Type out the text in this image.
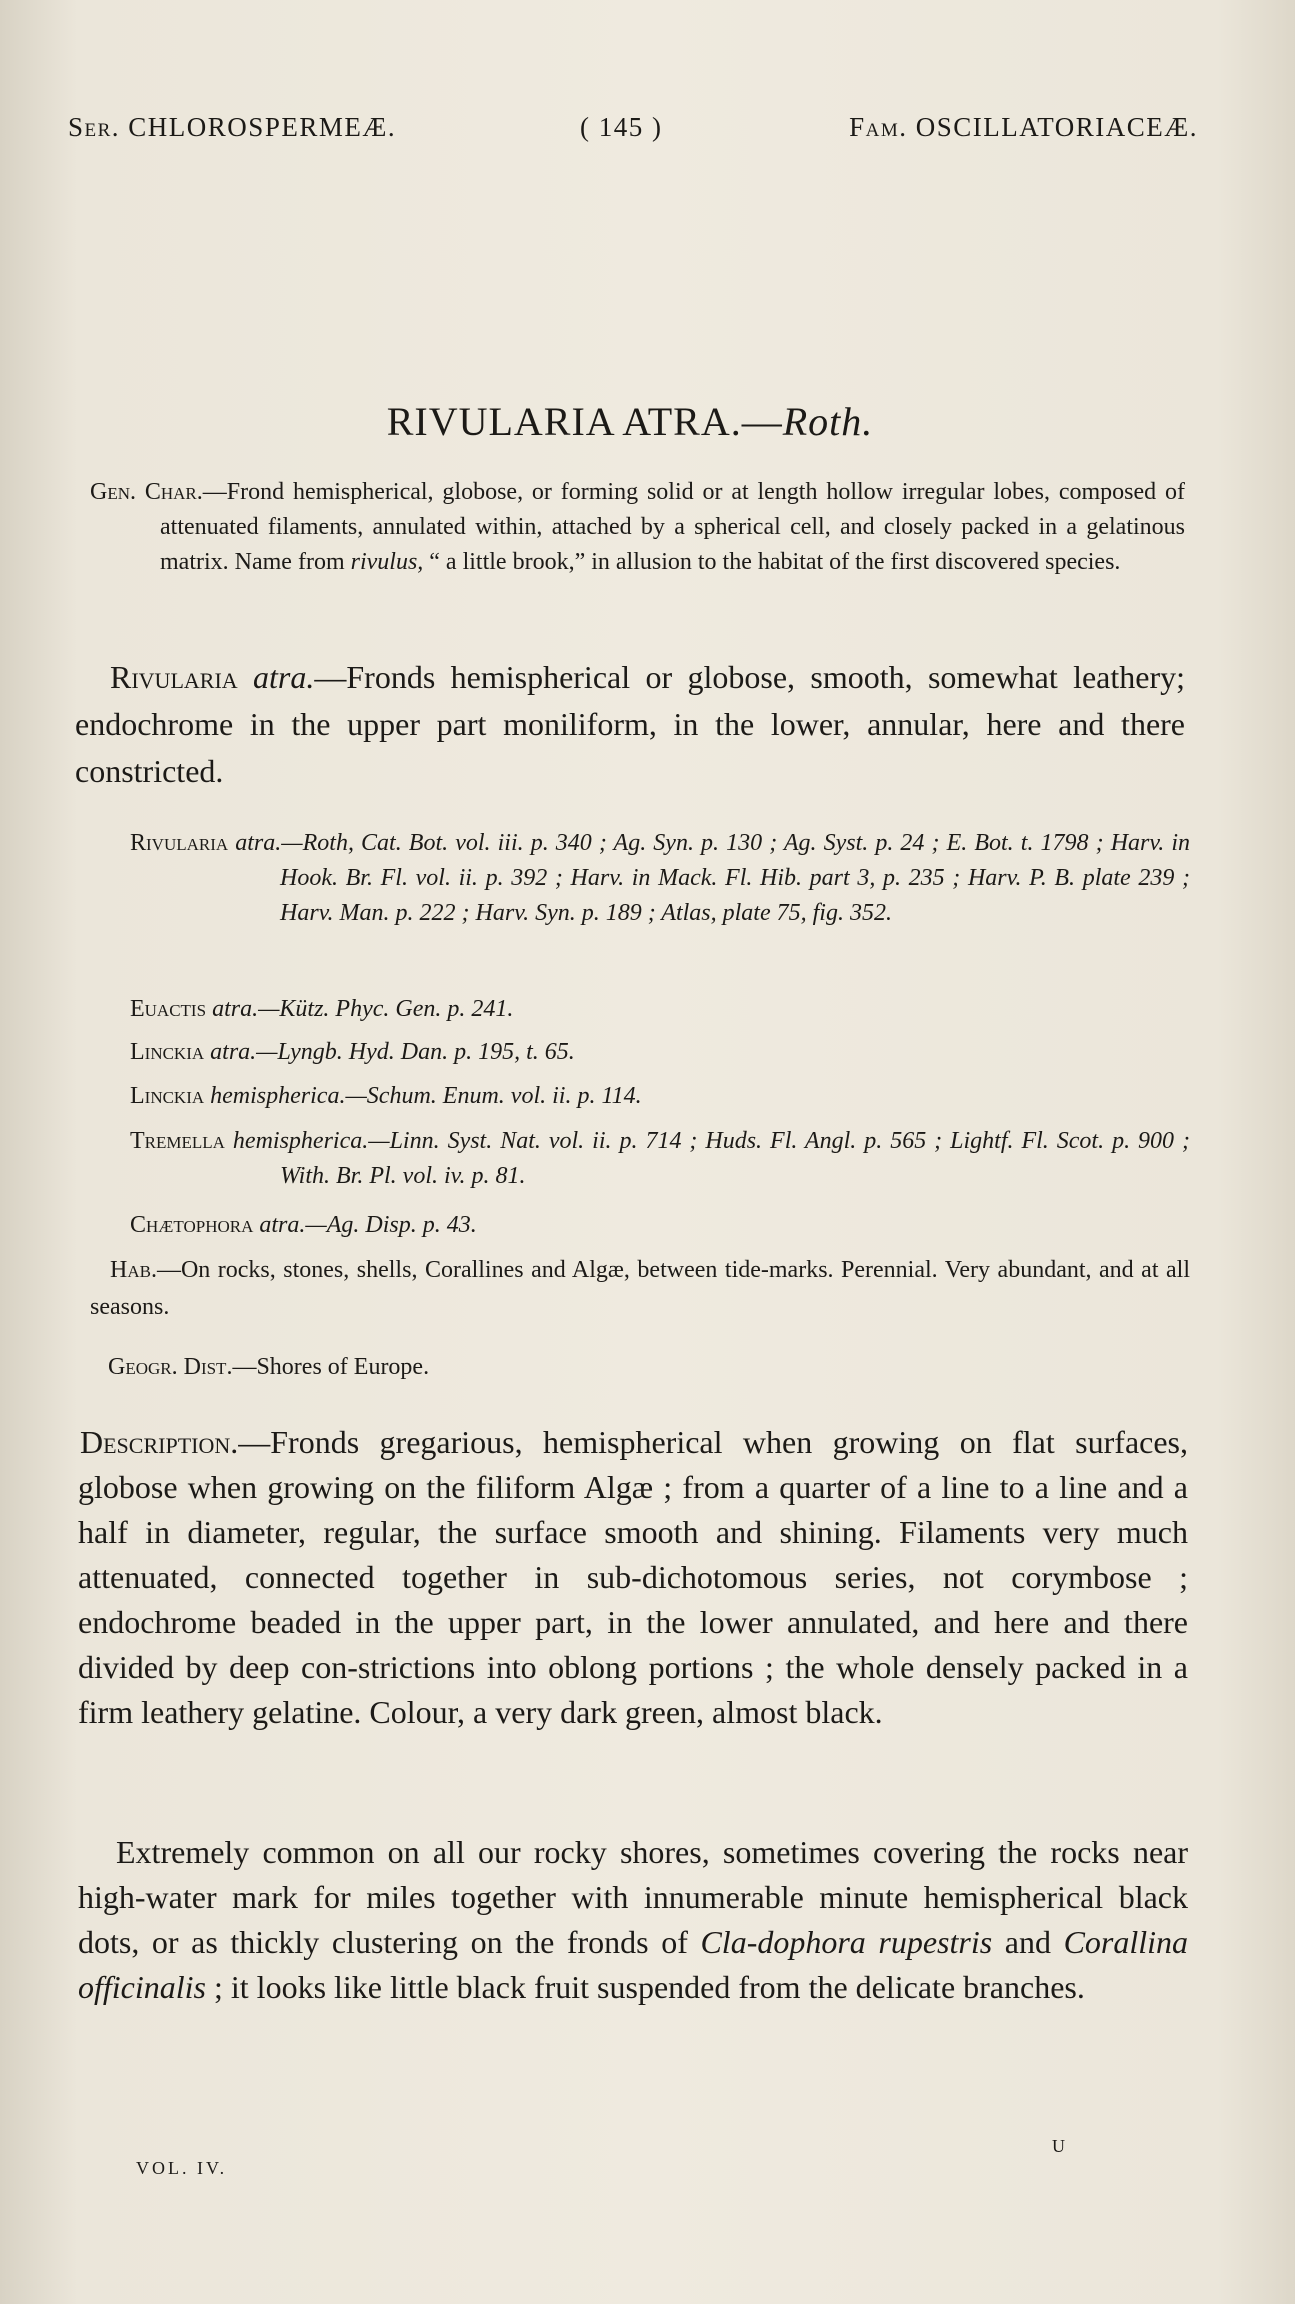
Ser. CHLOROSPERMEÆ.	( 145 )	Fam. OSCILLATORIACEÆ.
RIVULARIA ATRA.—Roth.
Gen. Char.—Frond hemispherical, globose, or forming solid or at length hollow irregular lobes, composed of attenuated filaments, annulated within, attached by a spherical cell, and closely packed in a gelatinous matrix. Name from rivulus, “ a little brook,” in allusion to the habitat of the first discovered species.
Rivularia atra.—Fronds hemispherical or globose, smooth, somewhat leathery; endochrome in the upper part moniliform, in the lower, annular, here and there constricted.
Rivularia atra.—Roth, Cat. Bot. vol. iii. p. 340 ; Ag. Syn. p. 130 ; Ag. Syst. p. 24 ; E. Bot. t. 1798 ; Harv. in Hook. Br. Fl. vol. ii. p. 392 ; Harv. in Mack. Fl. Hib. part 3, p. 235 ; Harv. P. B. plate 239 ; Harv. Man. p. 222 ; Harv. Syn. p. 189 ; Atlas, plate 75, fig. 352.
Euactis atra.—Kütz. Phyc. Gen. p. 241.
Linckia atra.—Lyngb. Hyd. Dan. p. 195, t. 65.
Linckia hemispherica.—Schum. Enum. vol. ii. p. 114.
Tremella hemispherica.—Linn. Syst. Nat. vol. ii. p. 714 ; Huds. Fl. Angl. p. 565 ; Lightf. Fl. Scot. p. 900 ; With. Br. Pl. vol. iv. p. 81.
Chætophora atra.—Ag. Disp. p. 43.
Hab.—On rocks, stones, shells, Corallines and Algæ, between tide-marks. Perennial. Very abundant, and at all seasons.
Geogr. Dist.—Shores of Europe.
Description.—Fronds gregarious, hemispherical when growing on flat surfaces, globose when growing on the filiform Algæ ; from a quarter of a line to a line and a half in diameter, regular, the surface smooth and shining. Filaments very much attenuated, connected together in sub-dichotomous series, not corymbose ; endochrome beaded in the upper part, in the lower annulated, and here and there divided by deep con-strictions into oblong portions ; the whole densely packed in a firm leathery gelatine. Colour, a very dark green, almost black.
Extremely common on all our rocky shores, sometimes covering the rocks near high-water mark for miles together with innumerable minute hemispherical black dots, or as thickly clustering on the fronds of Cla-dophora rupestris and Corallina officinalis ; it looks like little black fruit suspended from the delicate branches.
VOL. IV.
U
